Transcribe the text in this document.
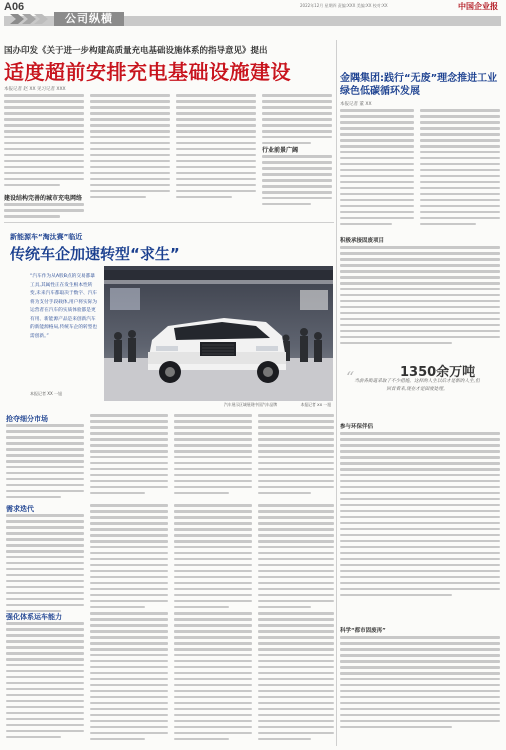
A06	2022年12月 星期四 责编:XXX 美编:XX 校对:XX	中国企业报
公司纵横
国办印发《关于进一步构建高质量充电基础设施体系的指导意见》提出
适度超前安排充电基础设施建设
本报记者 赵 XX 见习记者 XXX
建设结构完善的城市充电网络
行业前景广阔
金隅集团:践行“无废”理念推进工业绿色低碳循环发展
本报记者 董 XX
积极承接固废项目
1350余万吨
“ 当前各街道采取了不少措施。这样的人生以后才是新的人生,但回首看来,现在才是固废处理。
参与环保伴侣
科学“都市固废再”
新能源车“淘汰赛”临近
传统车企加速转型“求生”
“汽车作为从A股B点的交易都暴工具,其属性正在发生根本性转变,未来汽车都取决于数字、汽车将为支付手段载体,用户将实际为运营者在汽车的实质体验都是更有用、新能源产品是来创新汽车的新能源格局,传统车企的转型也需创新。”
本报记者 XX 一旭
汽车展示区域展现中国汽车品牌	本报记者 XX 一旭
抢夺细分市场
需求迭代
强化体系运车能力
